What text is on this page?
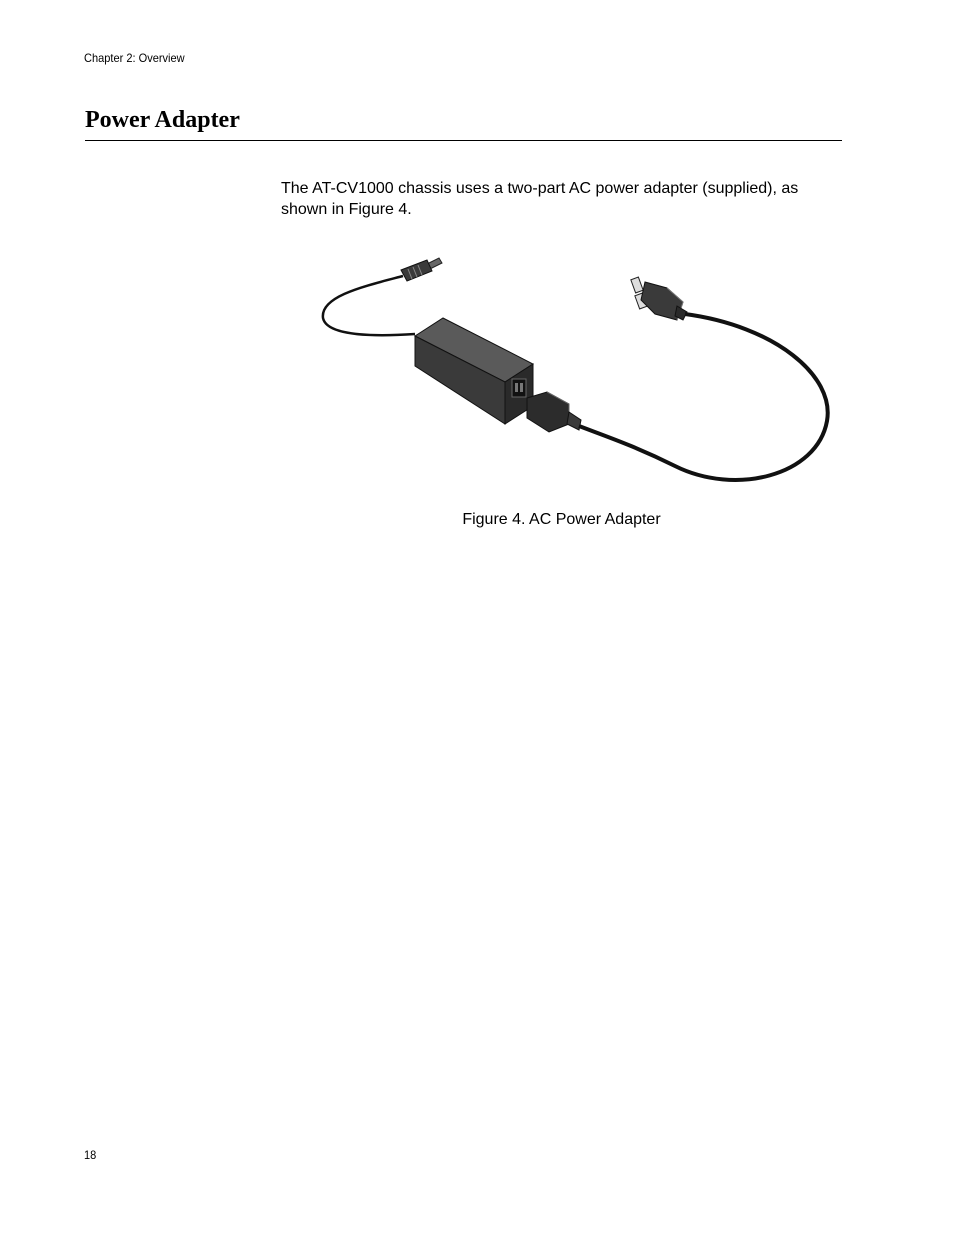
Chapter 2: Overview
Power Adapter

The AT-CV1000 chassis uses a two-part AC power adapter (supplied), as shown in Figure 4.

Figure 4. AC Power Adapter

18
